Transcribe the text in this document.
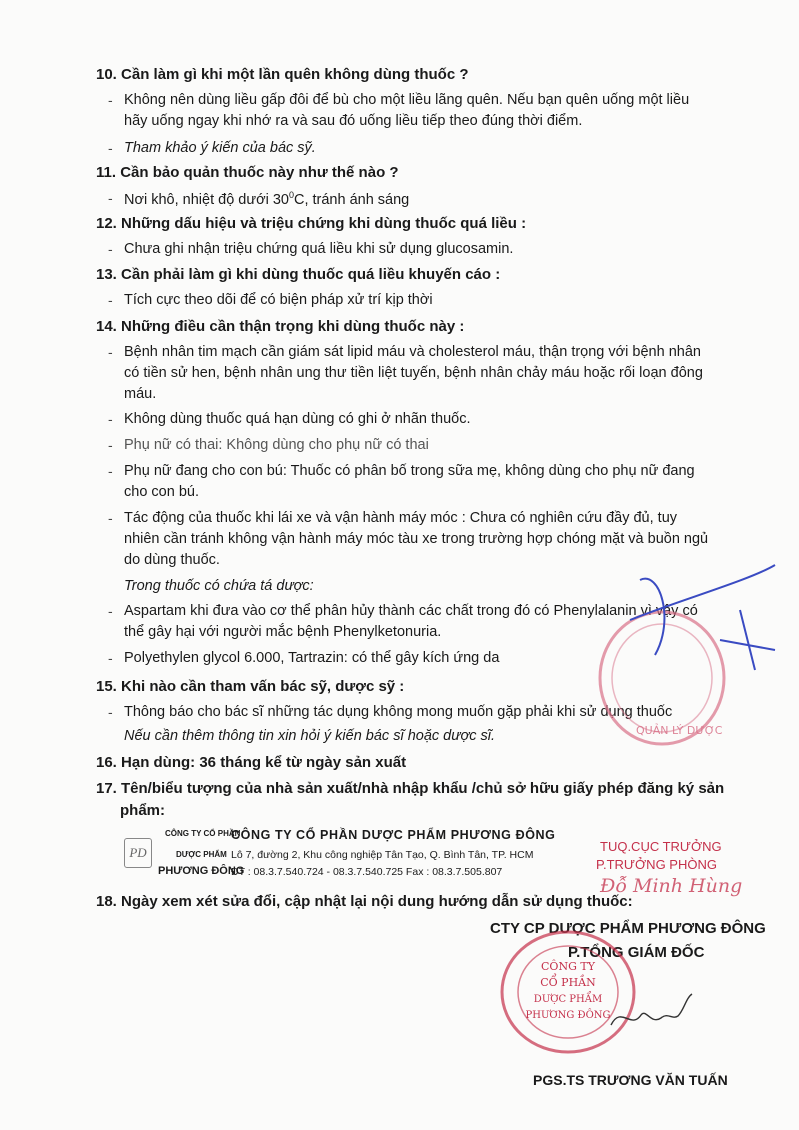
10. Cần làm gì khi một lần quên không dùng thuốc ?
- Không nên dùng liều gấp đôi để bù cho một liều lãng quên. Nếu bạn quên uống một liều
hãy uống ngay khi nhớ ra và sau đó uống liều tiếp theo đúng thời điểm.
- Tham khảo ý kiến của bác sỹ.
11. Cần bảo quản thuốc này như thế nào ?
- Nơi khô, nhiệt độ dưới $30^0C$, tránh ánh sáng
12. Những dấu hiệu và triệu chứng khi dùng thuốc quá liều :
- Chưa ghi nhận triệu chứng quá liều khi sử dụng glucosamin.
13. Cần phải làm gì khi dùng thuốc quá liều khuyến cáo :
- Tích cực theo dõi để có biện pháp xử trí kịp thời
14. Những điều cần thận trọng khi dùng thuốc này :
- Bệnh nhân tim mạch cần giám sát lipid máu và cholesterol máu, thận trọng với bệnh nhân
có tiền sử hen, bệnh nhân ung thư tiền liệt tuyến, bệnh nhân chảy máu hoặc rối loạn đông
máu.
- Không dùng thuốc quá hạn dùng có ghi ở nhãn thuốc.
- Phụ nữ có thai: Không dùng cho phụ nữ có thai
- Phụ nữ đang cho con bú: Thuốc có phân bố trong sữa mẹ, không dùng cho phụ nữ đang
cho con bú.
- Tác động của thuốc khi lái xe và vận hành máy móc : Chưa có nghiên cứu đầy đủ, tuy
nhiên cần tránh không vận hành máy móc tàu xe trong trường hợp chóng mặt và buồn ngủ
do dùng thuốc.
Trong thuốc có chứa tá dược:
- Aspartam khi đưa vào cơ thể phân hủy thành các chất trong đó có Phenylalanin vì vậy có
thể gây hại với người mắc bệnh Phenylketonuria.
- Polyethylen glycol 6.000, Tartrazin: có thể gây kích ứng da
15. Khi nào cần tham vấn bác sỹ, dược sỹ :
- Thông báo cho bác sĩ những tác dụng không mong muốn gặp phải khi sử dụng thuốc
Nếu cần thêm thông tin xin hỏi ý kiến bác sĩ hoặc dược sĩ.
16. Hạn dùng: 36 tháng kể từ ngày sản xuất
17. Tên/biểu tượng của nhà sản xuất/nhà nhập khẩu /chủ sở hữu giấy phép đăng ký sản
phẩm:
PD
CÔNG TY CỔ PHẦN
DƯỢC PHẨM
PHƯƠNG ĐÔNG
CÔNG TY CỔ PHẦN DƯỢC PHẨM PHƯƠNG ĐÔNG
Lô 7, đường 2, Khu công nghiệp Tân Tạo, Q. Bình Tân, TP. HCM
ĐT : 08.3.7.540.724 - 08.3.7.540.725 Fax : 08.3.7.505.807
TUQ.CỤC TRƯỞNG
P.TRƯỞNG PHÒNG
Đỗ Minh Hùng
18. Ngày xem xét sửa đổi, cập nhật lại nội dung hướng dẫn sử dụng thuốc:
CTY CP DƯỢC PHẨM PHƯƠNG ĐÔNG
P.TỔNG GIÁM ĐỐC
PGS.TS TRƯƠNG VĂN TUẤN
QUẢN LÝ DƯỢC
CÔNG TY
CỔ PHẦN
DƯỢC PHẨM
PHƯƠNG ĐÔNG
